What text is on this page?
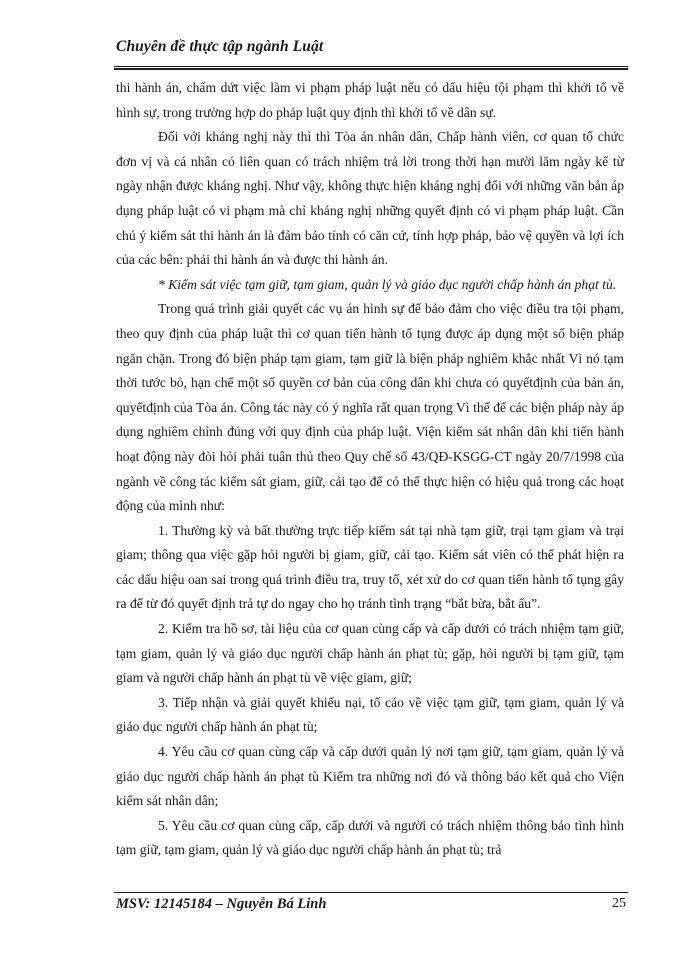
Chuyên đề thực tập ngành Luật

thi hành án, chấm dứt việc làm vi phạm pháp luật nếu có dấu hiệu tội phạm thì khởi tố về hình sự, trong trường hợp do pháp luật quy định thì khởi tố về dân sự.

Đối với kháng nghị này thì thì Tòa án nhân dân, Chấp hành viên, cơ quan tổ chức đơn vị và cá nhân có liên quan có trách nhiệm trả lời trong thời hạn mười lăm ngày kể từ ngày nhận được kháng nghị. Như vậy, không thực hiện kháng nghị đối với những văn bản áp dụng pháp luật có vi phạm mà chỉ kháng nghị những quyết định có vi phạm pháp luật. Cần chú ý kiểm sát thi hành án là đảm bảo tính có căn cứ, tính hợp pháp, bảo vệ quyền và lợi ích của các bên: phải thi hành án và được thi hành án.

* Kiểm sát việc tạm giữ, tạm giam, quản lý và giáo dục người chấp hành án phạt tù.

Trong quá trình giải quyết các vụ án hình sự để bảo đảm cho việc điều tra tội phạm, theo quy định của pháp luật thì cơ quan tiến hành tố tụng được áp dụng một số biện pháp ngăn chặn. Trong đó biện pháp tạm giam, tạm giữ là biện pháp nghiêm khắc nhất Vì nó tạm thời tước bỏ, hạn chế một số quyền cơ bản của công dân khi chưa có quyếtđịnh của bản án, quyếtđịnh của Tòa án. Công tác này có ý nghĩa rất quan trọng Vì thế để các biện pháp này áp dụng nghiêm chỉnh đúng với quy định của pháp luật. Viện kiểm sát nhân dân khi tiến hành hoạt động này đòi hỏi phải tuân thủ theo Quy chế số 43/QĐ-KSGG-CT ngày 20/7/1998 của ngành về công tác kiểm sát giam, giữ, cải tạo để có thể thực hiện có hiệu quả trong các hoạt động của mình như:

1. Thường kỳ và bất thường trực tiếp kiểm sát tại nhà tạm giữ, trại tạm giam và trại giam; thông qua việc gặp hỏi người bị giam, giữ, cải tạo. Kiểm sát viên có thể phát hiện ra các dấu hiệu oan sai trong quá trình điều tra, truy tố, xét xử do cơ quan tiến hành tố tụng gây ra để từ đó quyết định trả tự do ngay cho họ tránh tình trạng “bắt bừa, bắt ẩu”.

2. Kiểm tra hồ sơ, tài liệu của cơ quan cùng cấp và cấp dưới có trách nhiệm tạm giữ, tạm giam, quản lý và giáo dục người chấp hành án phạt tù; gặp, hỏi người bị tạm giữ, tạm giam và người chấp hành án phạt tù về việc giam, giữ;

3. Tiếp nhận và giải quyết khiếu nại, tố cáo về việc tạm giữ, tạm giam, quản lý và giáo dục người chấp hành án phạt tù;

4. Yêu cầu cơ quan cùng cấp và cấp dưới quản lý nơi tạm giữ, tạm giam, quản lý và giáo dục người chấp hành án phạt tù Kiểm tra những nơi đó và thông báo kết quả cho Viện kiểm sát nhân dân;

5. Yêu cầu cơ quan cùng cấp, cấp dưới và người có trách nhiệm thông báo tình hình tạm giữ, tạm giam, quản lý và giáo dục người chấp hành án phạt tù; trả

MSV: 12145184 – Nguyễn Bá Linh	25
